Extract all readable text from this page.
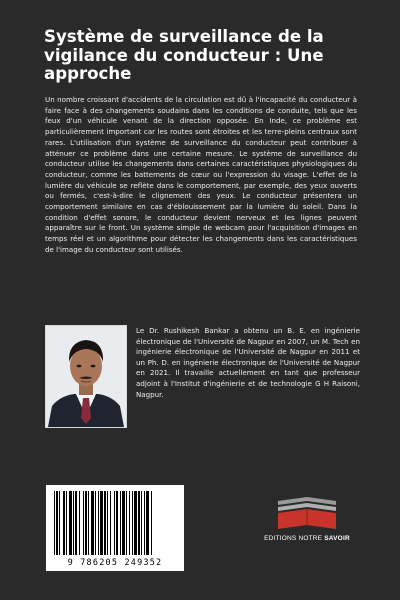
Système de surveillance de la vigilance du conducteur : Une approche

Un nombre croissant d'accidents de la circulation est dû à l'incapacité du conducteur à faire face à des changements soudains dans les conditions de conduite, tels que les feux d'un véhicule venant de la direction opposée. En Inde, ce problème est particulièrement important car les routes sont étroites et les terre-pleins centraux sont rares. L'utilisation d'un système de surveillance du conducteur peut contribuer à atténuer ce problème dans une certaine mesure. Le système de surveillance du conducteur utilise les changements dans certaines caractéristiques physiologiques du conducteur, comme les battements de cœur ou l'expression du visage. L'effet de la lumière du véhicule se reflète dans le comportement, par exemple, des yeux ouverts ou fermés, c'est-à-dire le clignement des yeux. Le conducteur présentera un comportement similaire en cas d'éblouissement par la lumière du soleil. Dans la condition d'effet sonore, le conducteur devient nerveux et les lignes peuvent apparaître sur le front. Un système simple de webcam pour l'acquisition d'images en temps réel et un algorithme pour détecter les changements dans les caractéristiques de l'image du conducteur sont utilisés.

Le Dr. Rushikesh Bankar a obtenu un B. E. en ingénierie électronique de l'Université de Nagpur en 2007, un M. Tech en ingénierie électronique de l'Université de Nagpur en 2011 et un Ph. D. en ingénierie électronique de l'Université de Nagpur en 2021. Il travaille actuellement en tant que professeur adjoint à l'Institut d'ingénierie et de technologie G H Raisoni, Nagpur.

9 786205 249352
EDITIONS NOTRE SAVOIR
